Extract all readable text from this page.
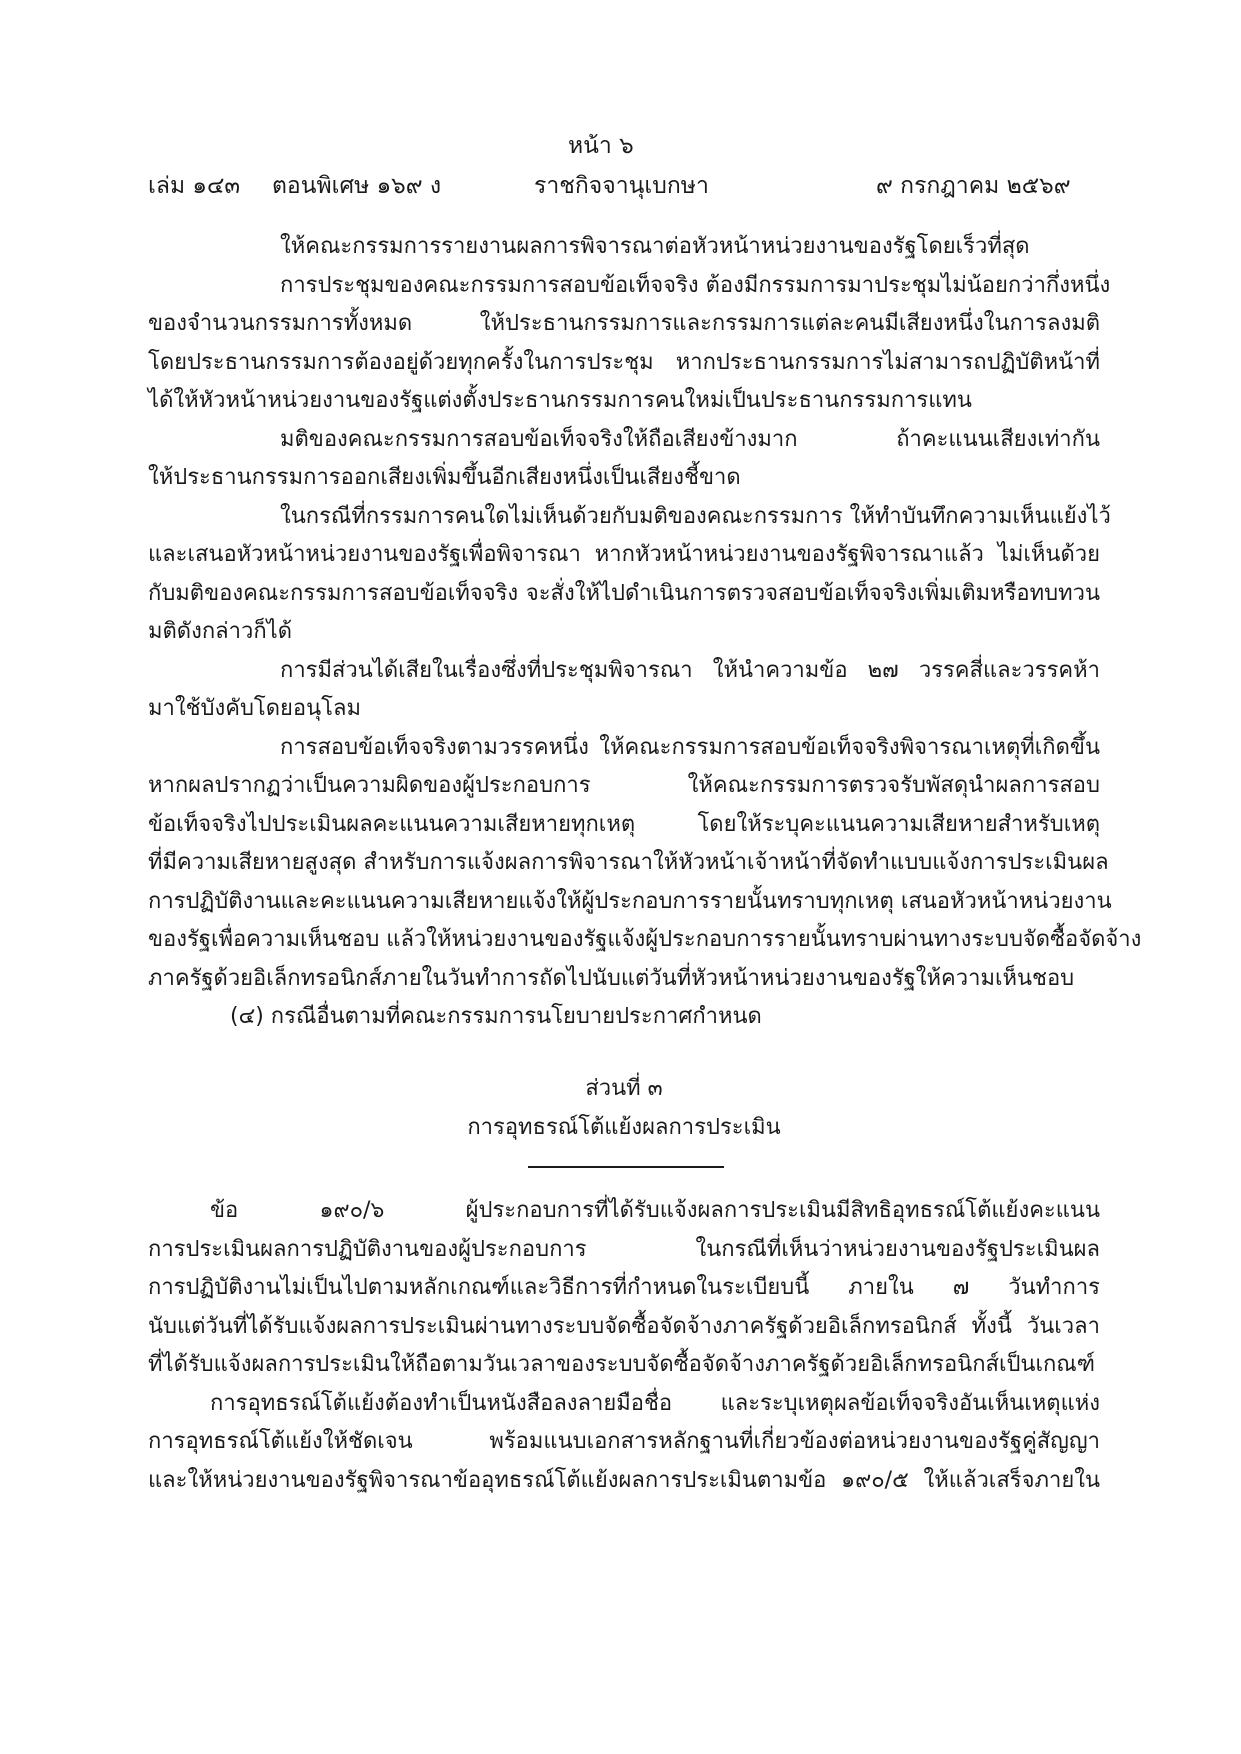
หน้า ๖
เล่ม ๑๔๓ ตอนพิเศษ ๑๖๙ ง	ราชกิจจานุเบกษา	๙ กรกฎาคม ๒๕๖๙
ให้คณะกรรมการรายงานผลการพิจารณาต่อหัวหน้าหน่วยงานของรัฐโดยเร็วที่สุด
การประชุมของคณะกรรมการสอบข้อเท็จจริง ต้องมีกรรมการมาประชุมไม่น้อยกว่ากึ่งหนึ่ง
ของจำนวนกรรมการทั้งหมด ให้ประธานกรรมการและกรรมการแต่ละคนมีเสียงหนึ่งในการลงมติ
โดยประธานกรรมการต้องอยู่ด้วยทุกครั้งในการประชุม หากประธานกรรมการไม่สามารถปฏิบัติหน้าที่
ได้ให้หัวหน้าหน่วยงานของรัฐแต่งตั้งประธานกรรมการคนใหม่เป็นประธานกรรมการแทน
มติของคณะกรรมการสอบข้อเท็จจริงให้ถือเสียงข้างมาก ถ้าคะแนนเสียงเท่ากัน
ให้ประธานกรรมการออกเสียงเพิ่มขึ้นอีกเสียงหนึ่งเป็นเสียงชี้ขาด
ในกรณีที่กรรมการคนใดไม่เห็นด้วยกับมติของคณะกรรมการ ให้ทำบันทึกความเห็นแย้งไว้
และเสนอหัวหน้าหน่วยงานของรัฐเพื่อพิจารณา หากหัวหน้าหน่วยงานของรัฐพิจารณาแล้ว ไม่เห็นด้วย
กับมติของคณะกรรมการสอบข้อเท็จจริง จะสั่งให้ไปดำเนินการตรวจสอบข้อเท็จจริงเพิ่มเติมหรือทบทวน
มติดังกล่าวก็ได้
การมีส่วนได้เสียในเรื่องซึ่งที่ประชุมพิจารณา ให้นำความข้อ ๒๗ วรรคสี่และวรรคห้า
มาใช้บังคับโดยอนุโลม
การสอบข้อเท็จจริงตามวรรคหนึ่ง ให้คณะกรรมการสอบข้อเท็จจริงพิจารณาเหตุที่เกิดขึ้น
หากผลปรากฏว่าเป็นความผิดของผู้ประกอบการ ให้คณะกรรมการตรวจรับพัสดุนำผลการสอบ
ข้อเท็จจริงไปประเมินผลคะแนนความเสียหายทุกเหตุ โดยให้ระบุคะแนนความเสียหายสำหรับเหตุ
ที่มีความเสียหายสูงสุด สำหรับการแจ้งผลการพิจารณาให้หัวหน้าเจ้าหน้าที่จัดทำแบบแจ้งการประเมินผล
การปฏิบัติงานและคะแนนความเสียหายแจ้งให้ผู้ประกอบการรายนั้นทราบทุกเหตุ เสนอหัวหน้าหน่วยงาน
ของรัฐเพื่อความเห็นชอบ แล้วให้หน่วยงานของรัฐแจ้งผู้ประกอบการรายนั้นทราบผ่านทางระบบจัดซื้อจัดจ้าง
ภาครัฐด้วยอิเล็กทรอนิกส์ภายในวันทำการถัดไปนับแต่วันที่หัวหน้าหน่วยงานของรัฐให้ความเห็นชอบ
(๔) กรณีอื่นตามที่คณะกรรมการนโยบายประกาศกำหนด
ส่วนที่ ๓
การอุทธรณ์โต้แย้งผลการประเมิน
ข้อ ๑๙๐/๖ ผู้ประกอบการที่ได้รับแจ้งผลการประเมินมีสิทธิอุทธรณ์โต้แย้งคะแนน
การประเมินผลการปฏิบัติงานของผู้ประกอบการ ในกรณีที่เห็นว่าหน่วยงานของรัฐประเมินผล
การปฏิบัติงานไม่เป็นไปตามหลักเกณฑ์และวิธีการที่กำหนดในระเบียบนี้ ภายใน ๗ วันทำการ
นับแต่วันที่ได้รับแจ้งผลการประเมินผ่านทางระบบจัดซื้อจัดจ้างภาครัฐด้วยอิเล็กทรอนิกส์ ทั้งนี้ วันเวลา
ที่ได้รับแจ้งผลการประเมินให้ถือตามวันเวลาของระบบจัดซื้อจัดจ้างภาครัฐด้วยอิเล็กทรอนิกส์เป็นเกณฑ์
การอุทธรณ์โต้แย้งต้องทำเป็นหนังสือลงลายมือชื่อ และระบุเหตุผลข้อเท็จจริงอันเห็นเหตุแห่ง
การอุทธรณ์โต้แย้งให้ชัดเจน พร้อมแนบเอกสารหลักฐานที่เกี่ยวข้องต่อหน่วยงานของรัฐคู่สัญญา
และให้หน่วยงานของรัฐพิจารณาข้ออุทธรณ์โต้แย้งผลการประเมินตามข้อ ๑๙๐/๕ ให้แล้วเสร็จภายใน
